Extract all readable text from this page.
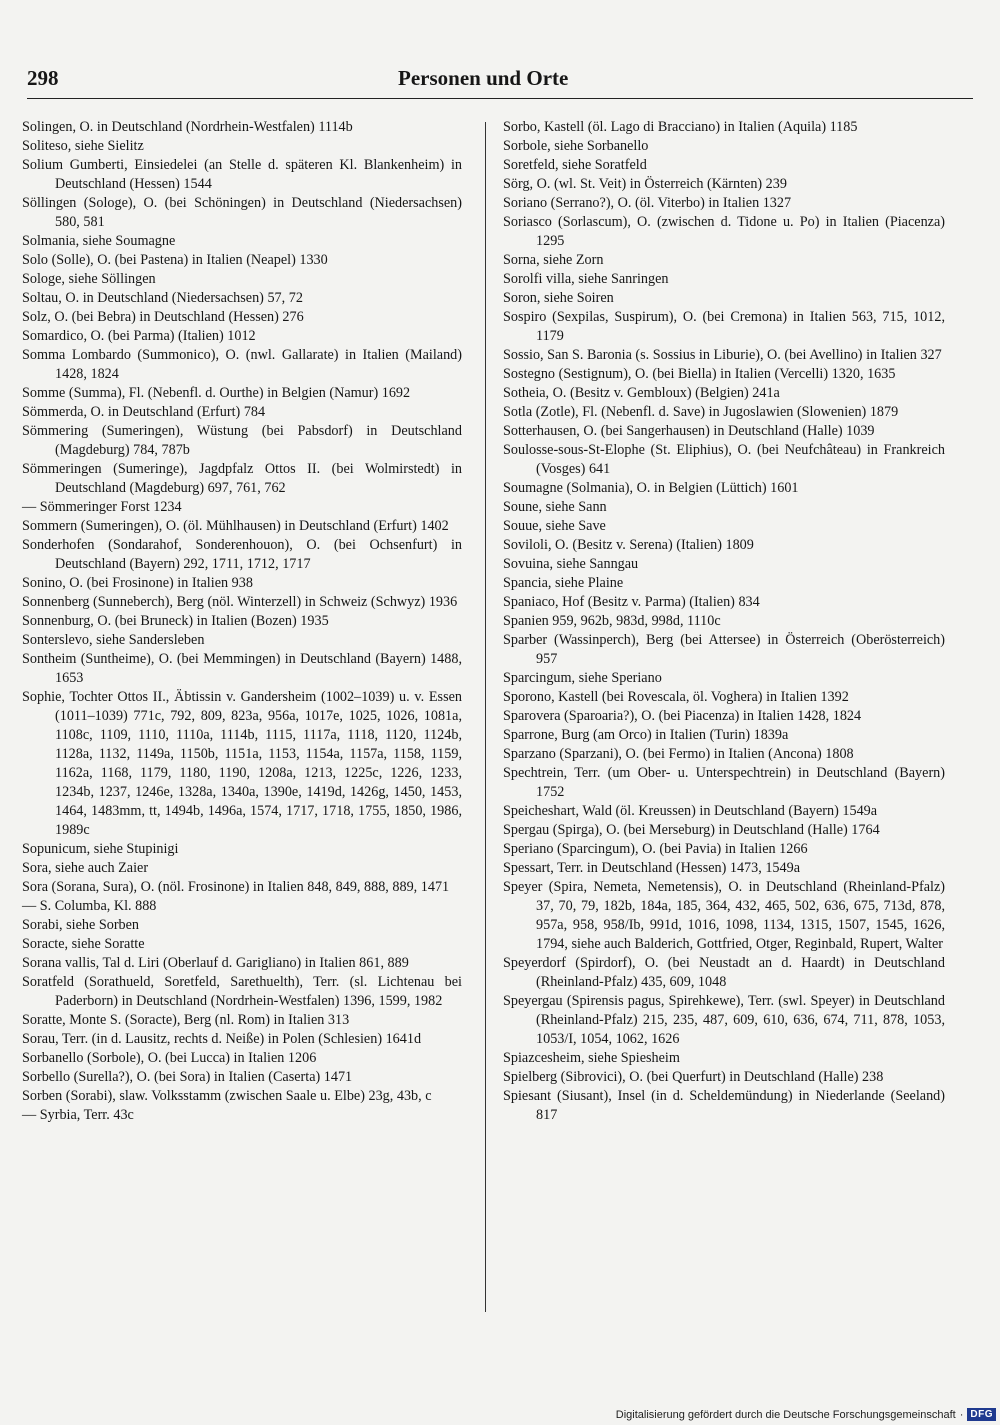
298	Personen und Orte

Solingen, O. in Deutschland (Nordrhein-Westfalen) 1114b

Soliteso, siehe Sielitz

Solium Gumberti, Einsiedelei (an Stelle d. späteren Kl. Blankenheim) in Deutschland (Hessen) 1544

Söllingen (Sologe), O. (bei Schöningen) in Deutschland (Niedersachsen) 580, 581

Solmania, siehe Soumagne

Solo (Solle), O. (bei Pastena) in Italien (Neapel) 1330

Sologe, siehe Söllingen

Soltau, O. in Deutschland (Niedersachsen) 57, 72

Solz, O. (bei Bebra) in Deutschland (Hessen) 276

Somardico, O. (bei Parma) (Italien) 1012

Somma Lombardo (Summonico), O. (nwl. Gallarate) in Italien (Mailand) 1428, 1824

Somme (Summa), Fl. (Nebenfl. d. Ourthe) in Belgien (Namur) 1692

Sömmerda, O. in Deutschland (Erfurt) 784

Sömmering (Sumeringen), Wüstung (bei Pabsdorf) in Deutschland (Magdeburg) 784, 787b

Sömmeringen (Sumeringe), Jagdpfalz Ottos II. (bei Wolmirstedt) in Deutschland (Magdeburg) 697, 761, 762

— Sömmeringer Forst 1234

Sommern (Sumeringen), O. (öl. Mühlhausen) in Deutschland (Erfurt) 1402

Sonderhofen (Sondarahof, Sonderenhouon), O. (bei Ochsenfurt) in Deutschland (Bayern) 292, 1711, 1712, 1717

Sonino, O. (bei Frosinone) in Italien 938

Sonnenberg (Sunneberch), Berg (nöl. Winterzell) in Schweiz (Schwyz) 1936

Sonnenburg, O. (bei Bruneck) in Italien (Bozen) 1935

Sonterslevo, siehe Sandersleben

Sontheim (Suntheime), O. (bei Memmingen) in Deutschland (Bayern) 1488, 1653

Sophie, Tochter Ottos II., Äbtissin v. Gandersheim (1002–1039) u. v. Essen (1011–1039) 771c, 792, 809, 823a, 956a, 1017e, 1025, 1026, 1081a, 1108c, 1109, 1110, 1110a, 1114b, 1115, 1117a, 1118, 1120, 1124b, 1128a, 1132, 1149a, 1150b, 1151a, 1153, 1154a, 1157a, 1158, 1159, 1162a, 1168, 1179, 1180, 1190, 1208a, 1213, 1225c, 1226, 1233, 1234b, 1237, 1246e, 1328a, 1340a, 1390e, 1419d, 1426g, 1450, 1453, 1464, 1483mm, tt, 1494b, 1496a, 1574, 1717, 1718, 1755, 1850, 1986, 1989c

Sopunicum, siehe Stupinigi

Sora, siehe auch Zaier

Sora (Sorana, Sura), O. (nöl. Frosinone) in Italien 848, 849, 888, 889, 1471

— S. Columba, Kl. 888

Sorabi, siehe Sorben

Soracte, siehe Soratte

Sorana vallis, Tal d. Liri (Oberlauf d. Garigliano) in Italien 861, 889

Soratfeld (Sorathueld, Soretfeld, Sarethuelth), Terr. (sl. Lichtenau bei Paderborn) in Deutschland (Nordrhein-Westfalen) 1396, 1599, 1982

Soratte, Monte S. (Soracte), Berg (nl. Rom) in Italien 313

Sorau, Terr. (in d. Lausitz, rechts d. Neiße) in Polen (Schlesien) 1641d

Sorbanello (Sorbole), O. (bei Lucca) in Italien 1206

Sorbello (Surella?), O. (bei Sora) in Italien (Caserta) 1471

Sorben (Sorabi), slaw. Volksstamm (zwischen Saale u. Elbe) 23g, 43b, c

— Syrbia, Terr. 43c

Sorbo, Kastell (öl. Lago di Bracciano) in Italien (Aquila) 1185

Sorbole, siehe Sorbanello

Soretfeld, siehe Soratfeld

Sörg, O. (wl. St. Veit) in Österreich (Kärnten) 239

Soriano (Serrano?), O. (öl. Viterbo) in Italien 1327

Soriasco (Sorlascum), O. (zwischen d. Tidone u. Po) in Italien (Piacenza) 1295

Sorna, siehe Zorn

Sorolfi villa, siehe Sanringen

Soron, siehe Soiren

Sospiro (Sexpilas, Suspirum), O. (bei Cremona) in Italien 563, 715, 1012, 1179

Sossio, San S. Baronia (s. Sossius in Liburie), O. (bei Avellino) in Italien 327

Sostegno (Sestignum), O. (bei Biella) in Italien (Vercelli) 1320, 1635

Sotheia, O. (Besitz v. Gembloux) (Belgien) 241a

Sotla (Zotle), Fl. (Nebenfl. d. Save) in Jugoslawien (Slowenien) 1879

Sotterhausen, O. (bei Sangerhausen) in Deutschland (Halle) 1039

Soulosse-sous-St-Elophe (St. Eliphius), O. (bei Neufchâteau) in Frankreich (Vosges) 641

Soumagne (Solmania), O. in Belgien (Lüttich) 1601

Soune, siehe Sann

Souue, siehe Save

Soviloli, O. (Besitz v. Serena) (Italien) 1809

Sovuina, siehe Sanngau

Spancia, siehe Plaine

Spaniaco, Hof (Besitz v. Parma) (Italien) 834

Spanien 959, 962b, 983d, 998d, 1110c

Sparber (Wassinperch), Berg (bei Attersee) in Österreich (Oberösterreich) 957

Sparcingum, siehe Speriano

Sporono, Kastell (bei Rovescala, öl. Voghera) in Italien 1392

Sparovera (Sparoaria?), O. (bei Piacenza) in Italien 1428, 1824

Sparrone, Burg (am Orco) in Italien (Turin) 1839a

Sparzano (Sparzani), O. (bei Fermo) in Italien (Ancona) 1808

Spechtrein, Terr. (um Ober- u. Unterspechtrein) in Deutschland (Bayern) 1752

Speicheshart, Wald (öl. Kreussen) in Deutschland (Bayern) 1549a

Spergau (Spirga), O. (bei Merseburg) in Deutschland (Halle) 1764

Speriano (Sparcingum), O. (bei Pavia) in Italien 1266

Spessart, Terr. in Deutschland (Hessen) 1473, 1549a

Speyer (Spira, Nemeta, Nemetensis), O. in Deutschland (Rheinland-Pfalz) 37, 70, 79, 182b, 184a, 185, 364, 432, 465, 502, 636, 675, 713d, 878, 957a, 958, 958/Ib, 991d, 1016, 1098, 1134, 1315, 1507, 1545, 1626, 1794, siehe auch Balderich, Gottfried, Otger, Reginbald, Rupert, Walter

Speyerdorf (Spirdorf), O. (bei Neustadt an d. Haardt) in Deutschland (Rheinland-Pfalz) 435, 609, 1048

Speyergau (Spirensis pagus, Spirehkewe), Terr. (swl. Speyer) in Deutschland (Rheinland-Pfalz) 215, 235, 487, 609, 610, 636, 674, 711, 878, 1053, 1053/I, 1054, 1062, 1626

Spiazcesheim, siehe Spiesheim

Spielberg (Sibrovici), O. (bei Querfurt) in Deutschland (Halle) 238

Spiesant (Siusant), Insel (in d. Scheldemündung) in Niederlande (Seeland) 817

Digitalisierung gefördert durch die Deutsche Forschungsgemeinschaft · DFG
